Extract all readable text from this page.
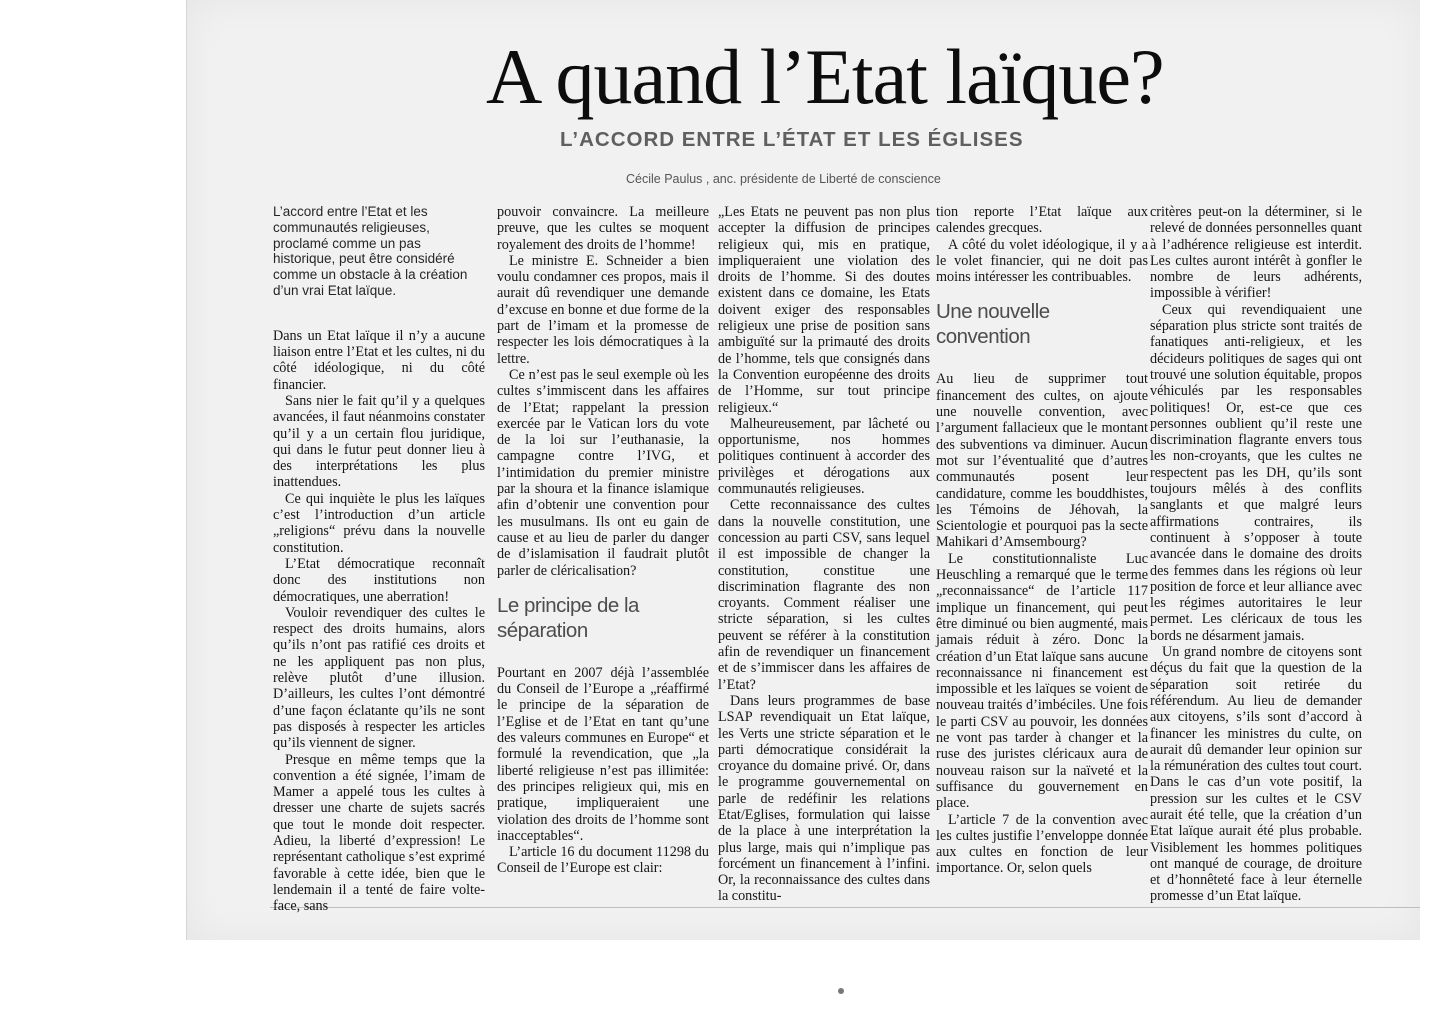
A quand l’Etat laïque?
L’ACCORD ENTRE L’ÉTAT ET LES ÉGLISES
Cécile Paulus , anc. présidente de Liberté de conscience
L’accord entre l’Etat et les communautés religieuses, proclamé comme un pas historique, peut être considéré comme un obstacle à la création d’un vrai Etat laïque.

Dans un Etat laïque il n’y a aucune liaison entre l’Etat et les cultes, ni du côté idéologique, ni du côté financier.

Sans nier le fait qu’il y a quelques avancées, il faut néanmoins constater qu’il y a un certain flou juridique, qui dans le futur peut donner lieu à des interprétations les plus inattendues.

Ce qui inquiète le plus les laïques c’est l’introduction d’un article „religions“ prévu dans la nouvelle constitution.

L’Etat démocratique reconnaît donc des institutions non démocratiques, une aberration!

Vouloir revendiquer des cultes le respect des droits humains, alors qu’ils n’ont pas ratifié ces droits et ne les appliquent pas non plus, relève plutôt d’une illusion. D’ailleurs, les cultes l’ont démontré d’une façon éclatante qu’ils ne sont pas disposés à respecter les articles qu’ils viennent de signer.

Presque en même temps que la convention a été signée, l’imam de Mamer a appelé tous les cultes à dresser une charte de sujets sacrés que tout le monde doit respecter. Adieu, la liberté d’expression! Le représentant catholique s’est exprimé favorable à cette idée, bien que le lendemain il a tenté de faire volte-face, sans

pouvoir convaincre. La meilleure preuve, que les cultes se moquent royalement des droits de l’homme!

Le ministre E. Schneider a bien voulu condamner ces propos, mais il aurait dû revendiquer une demande d’excuse en bonne et due forme de la part de l’imam et la promesse de respecter les lois démocratiques à la lettre.

Ce n’est pas le seul exemple où les cultes s’immiscent dans les affaires de l’Etat; rappelant la pression exercée par le Vatican lors du vote de la loi sur l’euthanasie, la campagne contre l’IVG, et l’intimidation du premier ministre par la shoura et la finance islamique afin d’obtenir une convention pour les musulmans. Ils ont eu gain de cause et au lieu de parler du danger de d’islamisation il faudrait plutôt parler de cléricalisation?

Le principe de la séparation

Pourtant en 2007 déjà l’assemblée du Conseil de l’Europe a „réaffirmé le principe de la séparation de l’Eglise et de l’Etat en tant qu’une des valeurs communes en Europe“ et formulé la revendication, que „la liberté religieuse n’est pas illimitée: des principes religieux qui, mis en pratique, impliqueraient une violation des droits de l’homme sont inacceptables“.

L’article 16 du document 11298 du Conseil de l’Europe est clair:

„Les Etats ne peuvent pas non plus accepter la diffusion de principes religieux qui, mis en pratique, impliqueraient une violation des droits de l’homme. Si des doutes existent dans ce domaine, les Etats doivent exiger des responsables religieux une prise de position sans ambiguïté sur la primauté des droits de l’homme, tels que consignés dans la Convention européenne des droits de l’Homme, sur tout principe religieux.“

Malheureusement, par lâcheté ou opportunisme, nos hommes politiques continuent à accorder des privilèges et dérogations aux communautés religieuses.

Cette reconnaissance des cultes dans la nouvelle constitution, une concession au parti CSV, sans lequel il est impossible de changer la constitution, constitue une discrimination flagrante des non croyants. Comment réaliser une stricte séparation, si les cultes peuvent se référer à la constitution afin de revendiquer un financement et de s’immiscer dans les affaires de l’Etat?

Dans leurs programmes de base LSAP revendiquait un Etat laïque, les Verts une stricte séparation et le parti démocratique considérait la croyance du domaine privé. Or, dans le programme gouvernemental on parle de redéfinir les relations Etat/Eglises, formulation qui laisse de la place à une interprétation la plus large, mais qui n’implique pas forcément un financement à l’infini. Or, la reconnaissance des cultes dans la constitu-

tion reporte l’Etat laïque aux calendes grecques.

A côté du volet idéologique, il y a le volet financier, qui ne doit pas moins intéresser les contribuables.

Une nouvelle convention

Au lieu de supprimer tout financement des cultes, on ajoute une nouvelle convention, avec l’argument fallacieux que le montant des subventions va diminuer. Aucun mot sur l’éventualité que d’autres communautés posent leur candidature, comme les bouddhistes, les Témoins de Jéhovah, la Scientologie et pourquoi pas la secte Mahikari d’Amsembourg?

Le constitutionnaliste Luc Heuschling a remarqué que le terme „reconnaissance“ de l’article 117 implique un financement, qui peut être diminué ou bien augmenté, mais jamais réduit à zéro. Donc la création d’un Etat laïque sans aucune reconnaissance ni financement est impossible et les laïques se voient de nouveau traités d’imbéciles. Une fois le parti CSV au pouvoir, les données ne vont pas tarder à changer et la ruse des juristes cléricaux aura de nouveau raison sur la naïveté et la suffisance du gouvernement en place.

L’article 7 de la convention avec les cultes justifie l’enveloppe donnée aux cultes en fonction de leur importance. Or, selon quels

critères peut-on la déterminer, si le relevé de données personnelles quant à l’adhérence religieuse est interdit. Les cultes auront intérêt à gonfler le nombre de leurs adhérents, impossible à vérifier!

Ceux qui revendiquaient une séparation plus stricte sont traités de fanatiques anti-religieux, et les décideurs politiques de sages qui ont trouvé une solution équitable, propos véhiculés par les responsables politiques! Or, est-ce que ces personnes oublient qu’il reste une discrimination flagrante envers tous les non-croyants, que les cultes ne respectent pas les DH, qu’ils sont toujours mêlés à des conflits sanglants et que malgré leurs affirmations contraires, ils continuent à s’opposer à toute avancée dans le domaine des droits des femmes dans les régions où leur position de force et leur alliance avec les régimes autoritaires le leur permet. Les cléricaux de tous les bords ne désarment jamais.

Un grand nombre de citoyens sont déçus du fait que la question de la séparation soit retirée du référendum. Au lieu de demander aux citoyens, s’ils sont d’accord à financer les ministres du culte, on aurait dû demander leur opinion sur la rémunération des cultes tout court. Dans le cas d’un vote positif, la pression sur les cultes et le CSV aurait été telle, que la création d’un Etat laïque aurait été plus probable. Visiblement les hommes politiques ont manqué de courage, de droiture et d’honnêteté face à leur éternelle promesse d’un Etat laïque.
